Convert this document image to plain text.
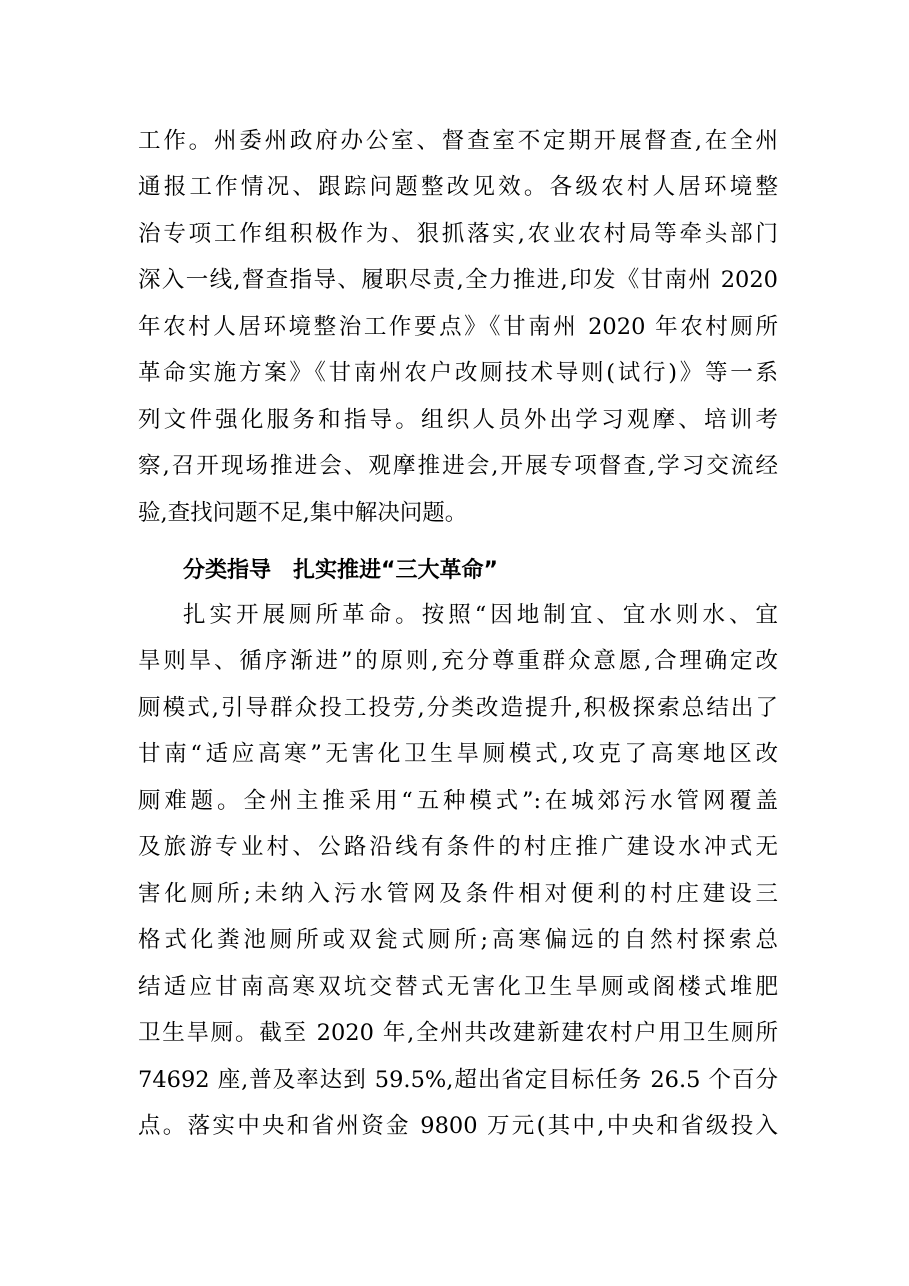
工作。州委州政府办公室、督查室不定期开展督查,在全州
通报工作情况、跟踪问题整改见效。各级农村人居环境整
治专项工作组积极作为、狠抓落实,农业农村局等牵头部门
深入一线,督查指导、履职尽责,全力推进,印发《甘南州 2020
年农村人居环境整治工作要点》《甘南州 2020 年农村厕所
革命实施方案》《甘南州农户改厕技术导则(试行)》等一系
列文件强化服务和指导。组织人员外出学习观摩、培训考
察,召开现场推进会、观摩推进会,开展专项督查,学习交流经
验,查找问题不足,集中解决问题。
分类指导　扎实推进“三大革命”
扎实开展厕所革命。按照“因地制宜、宜水则水、宜
旱则旱、循序渐进”的原则,充分尊重群众意愿,合理确定改
厕模式,引导群众投工投劳,分类改造提升,积极探索总结出了
甘南“适应高寒”无害化卫生旱厕模式,攻克了高寒地区改
厕难题。全州主推采用“五种模式”:在城郊污水管网覆盖
及旅游专业村、公路沿线有条件的村庄推广建设水冲式无
害化厕所;未纳入污水管网及条件相对便利的村庄建设三
格式化粪池厕所或双瓮式厕所;高寒偏远的自然村探索总
结适应甘南高寒双坑交替式无害化卫生旱厕或阁楼式堆肥
卫生旱厕。截至 2020 年,全州共改建新建农村户用卫生厕所
74692 座,普及率达到 59.5%,超出省定目标任务 26.5 个百分
点。落实中央和省州资金 9800 万元(其中,中央和省级投入
